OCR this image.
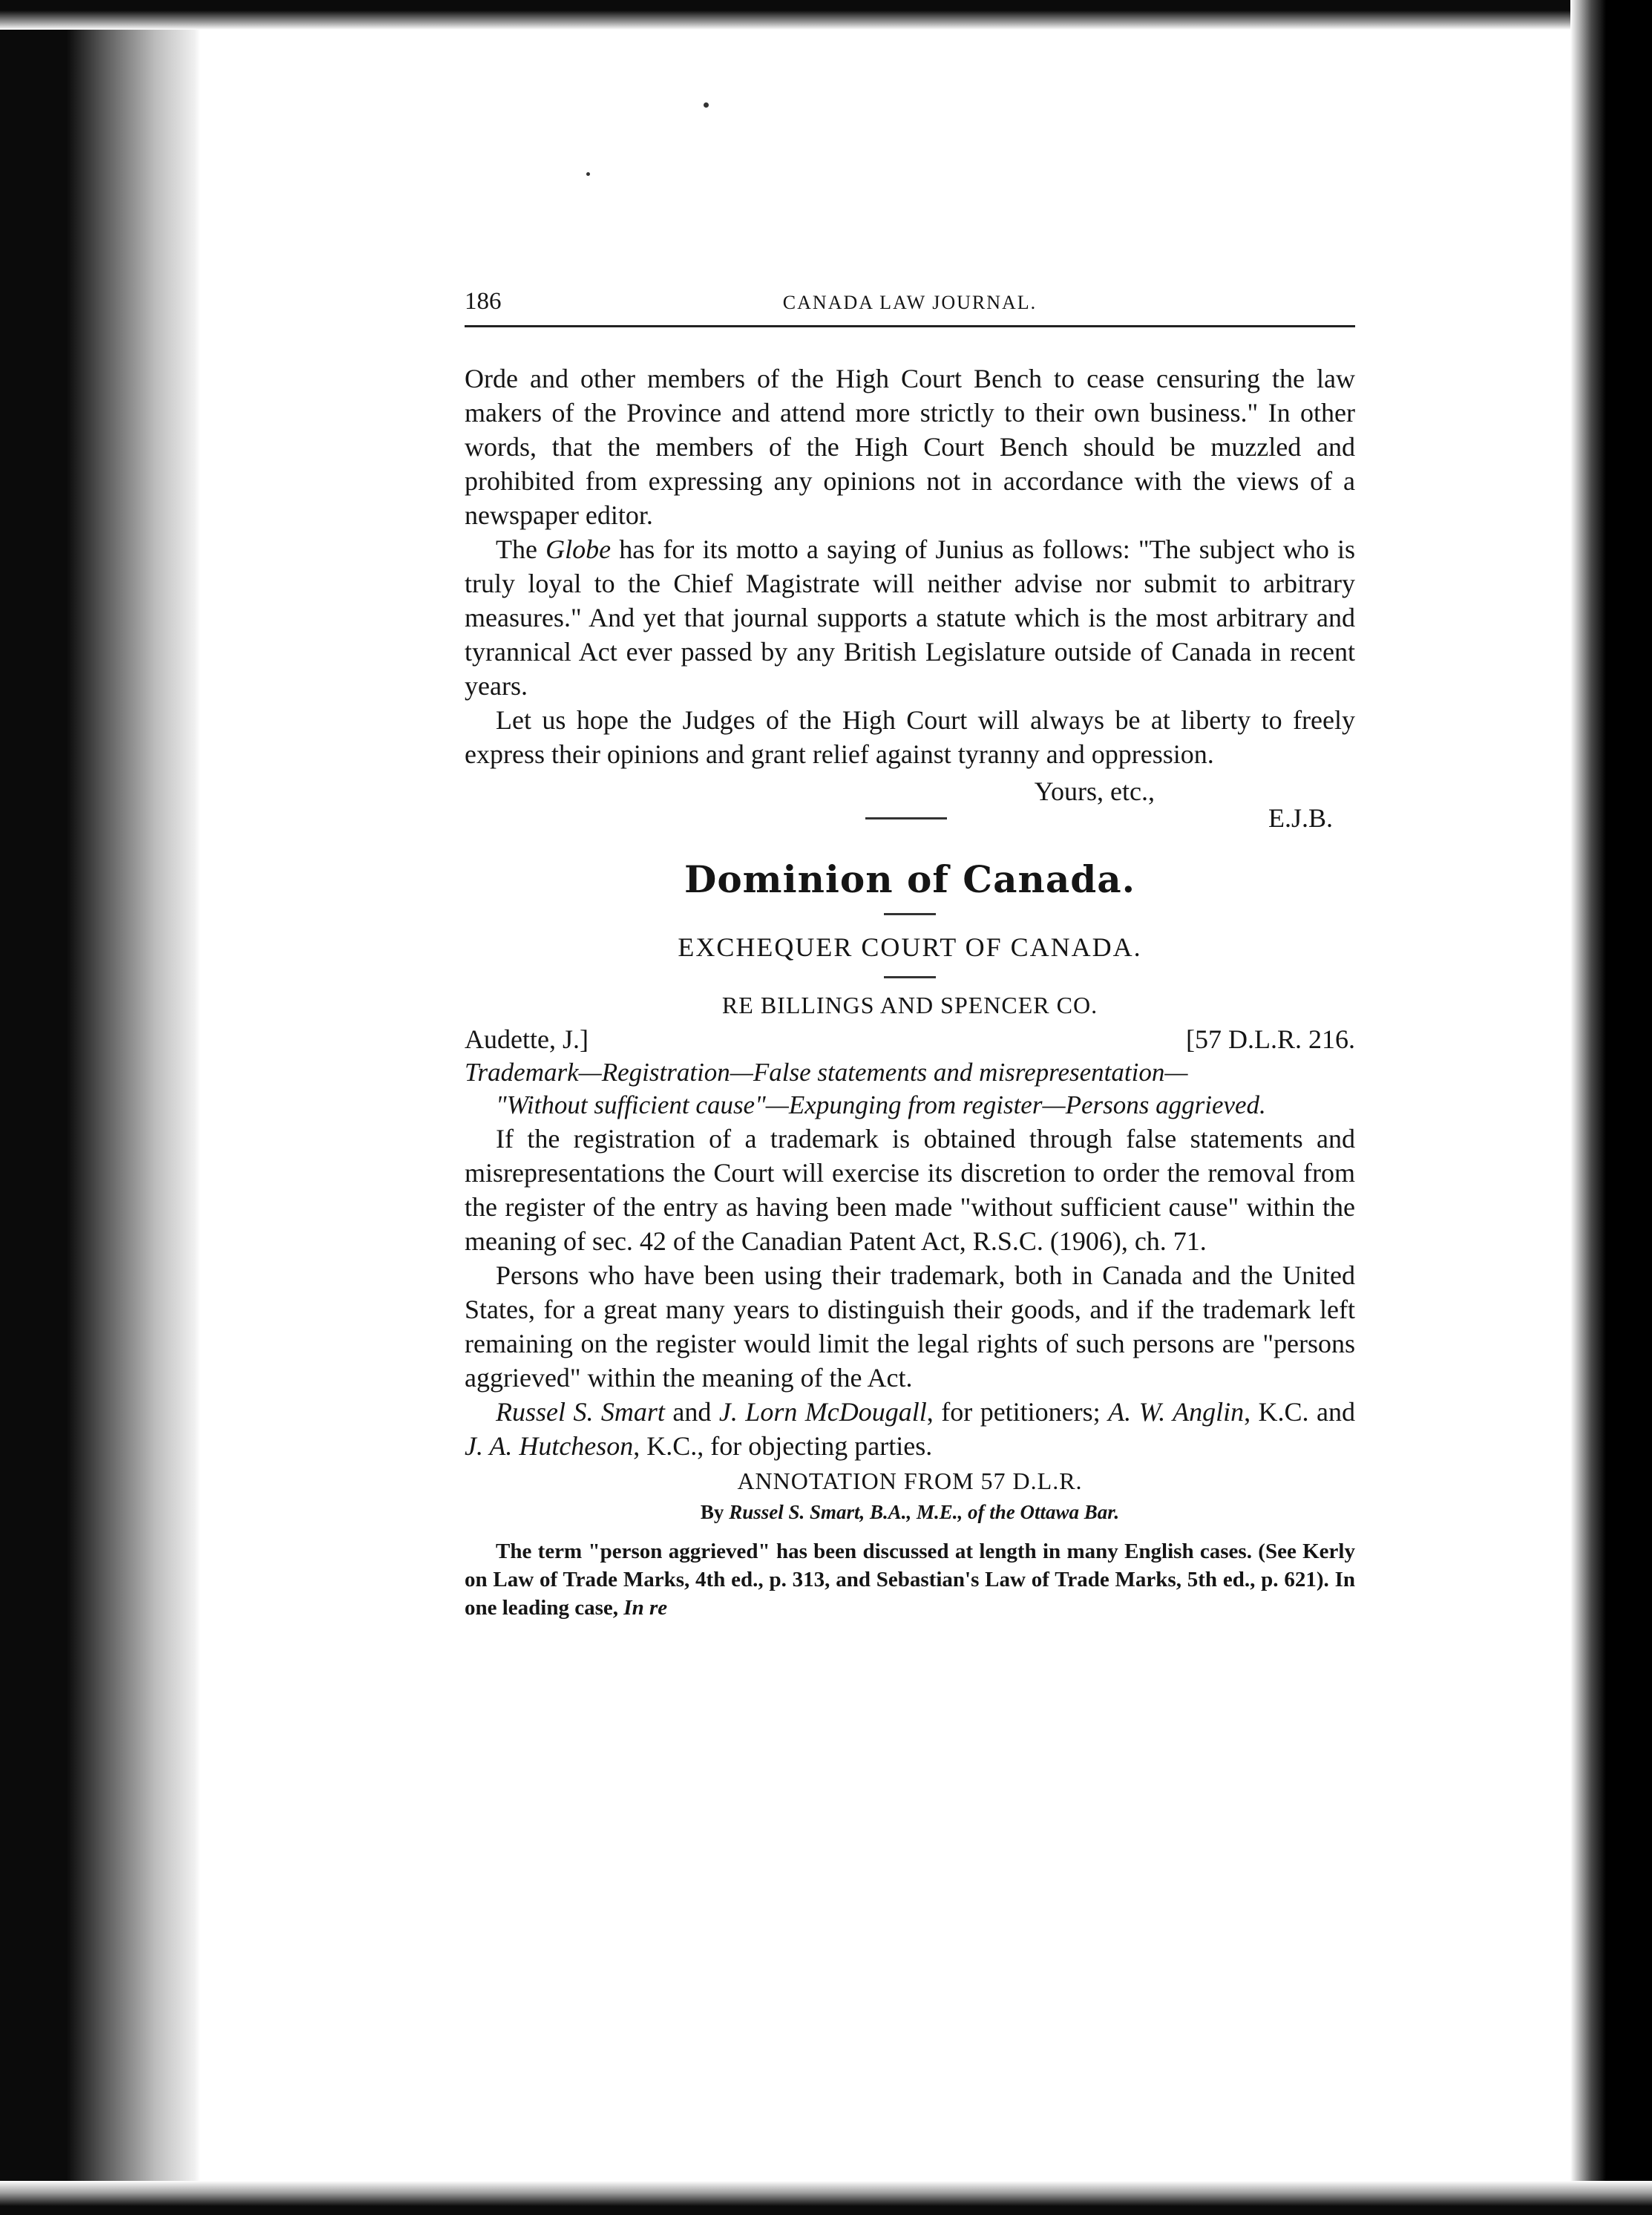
186	CANADA LAW JOURNAL.

Orde and other members of the High Court Bench to cease censuring the law makers of the Province and attend more strictly to their own business." In other words, that the members of the High Court Bench should be muzzled and prohibited from expressing any opinions not in accordance with the views of a newspaper editor.

The Globe has for its motto a saying of Junius as follows: "The subject who is truly loyal to the Chief Magistrate will neither advise nor submit to arbitrary measures." And yet that journal supports a statute which is the most arbitrary and tyrannical Act ever passed by any British Legislature outside of Canada in recent years.

Let us hope the Judges of the High Court will always be at liberty to freely express their opinions and grant relief against tyranny and oppression.

Yours, etc.,
E.J.B.
Dominion of Canada.
EXCHEQUER COURT OF CANADA.
RE BILLINGS AND SPENCER CO.
Audette, J.]	[57 D.L.R. 216.
Trademark—Registration—False statements and misrepresentation—
"Without sufficient cause"—Expunging from register—Persons aggrieved.

If the registration of a trademark is obtained through false statements and misrepresentations the Court will exercise its discretion to order the removal from the register of the entry as having been made "without sufficient cause" within the meaning of sec. 42 of the Canadian Patent Act, R.S.C. (1906), ch. 71.

Persons who have been using their trademark, both in Canada and the United States, for a great many years to distinguish their goods, and if the trademark left remaining on the register would limit the legal rights of such persons are "persons aggrieved" within the meaning of the Act.

Russel S. Smart and J. Lorn McDougall, for petitioners; A. W. Anglin, K.C. and J. A. Hutcheson, K.C., for objecting parties.

ANNOTATION FROM 57 D.L.R.
By Russel S. Smart, B.A., M.E., of the Ottawa Bar.

The term "person aggrieved" has been discussed at length in many English cases. (See Kerly on Law of Trade Marks, 4th ed., p. 313, and Sebastian's Law of Trade Marks, 5th ed., p. 621). In one leading case, In re
